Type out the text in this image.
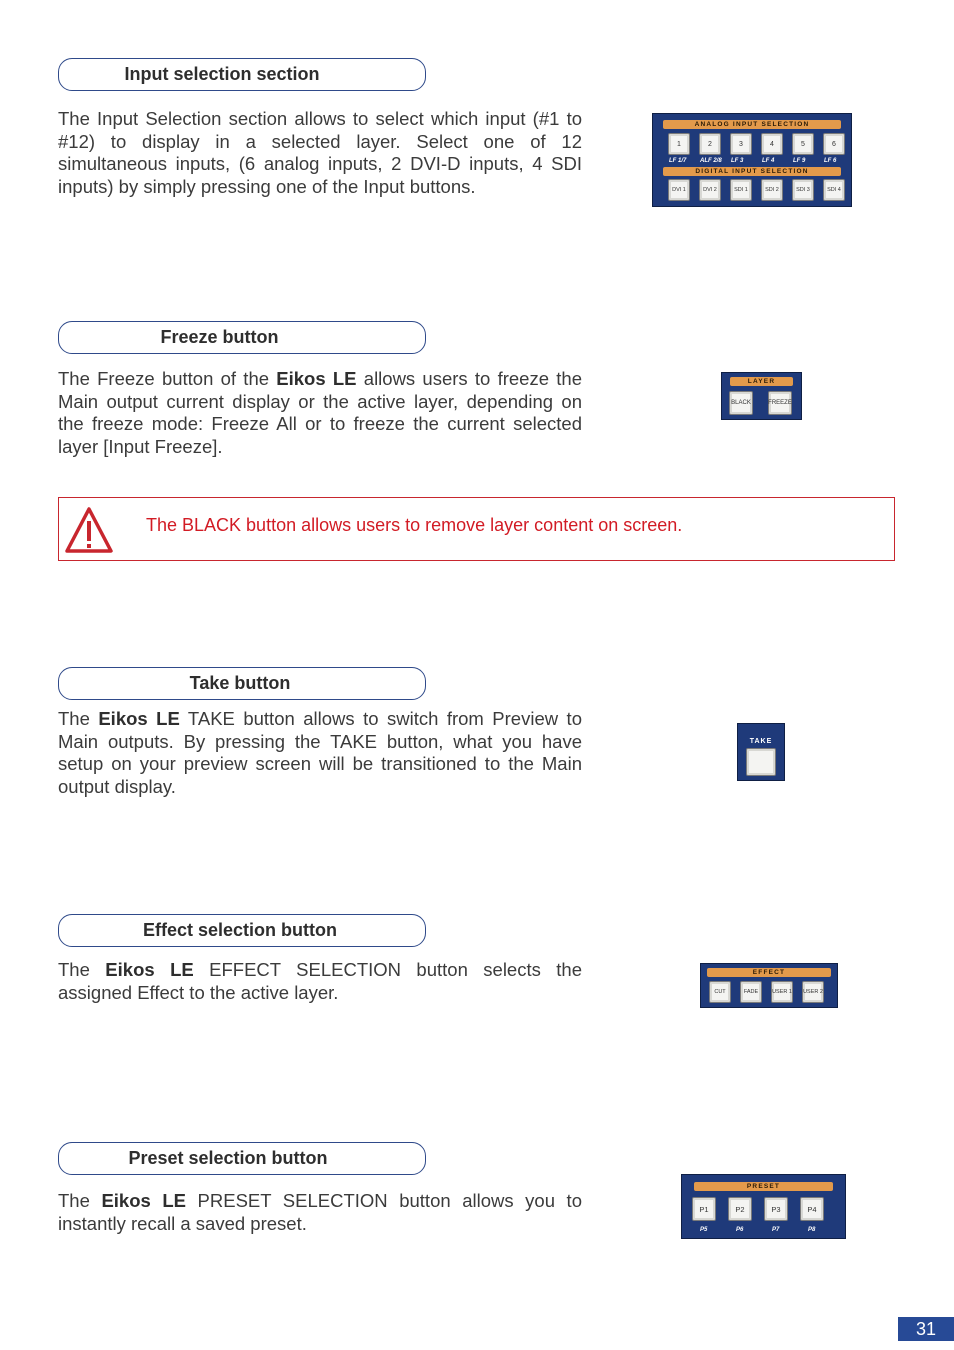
Input selection section

The Input Selection section allows to select which input (#1 to #12) to display in a selected layer. Select one of 12 simultaneous inputs, (6 analog inputs, 2 DVI-D inputs, 4 SDI inputs) by simply pressing one of the Input buttons.

ANALOG INPUT SELECTION
1	2	3	4	5	6
LF 1/7 ALF 2/8 LF 3	LF 4	LF 9	LF 6
DIGITAL INPUT SELECTION
DVI 1	DVI 2	SDI 1	SDI 2	SDI 3	SDI 4
Freeze button

The Freeze button of the Eikos LE allows users to freeze the Main output current display or the active layer, depending on the freeze mode: Freeze All or to freeze the current selected layer [Input Freeze].

LAYER
BLACK	FREEZE
The BLACK button allows users to remove layer content on screen.
Take button

The Eikos LE TAKE button allows to switch from Preview to Main outputs. By pressing the TAKE button, what you have setup on your preview screen will be transitioned to the Main output display.

TAKE
Effect selection button

The Eikos LE EFFECT SELECTION button selects the assigned Effect to the active layer.

EFFECT
CUT	FADE	USER 1 USER 2
Preset selection button

The Eikos LE PRESET SELECTION button allows you to instantly recall a saved preset.

PRESET
P1	P2	P3	P4
P5	P6	P7	P8
31
